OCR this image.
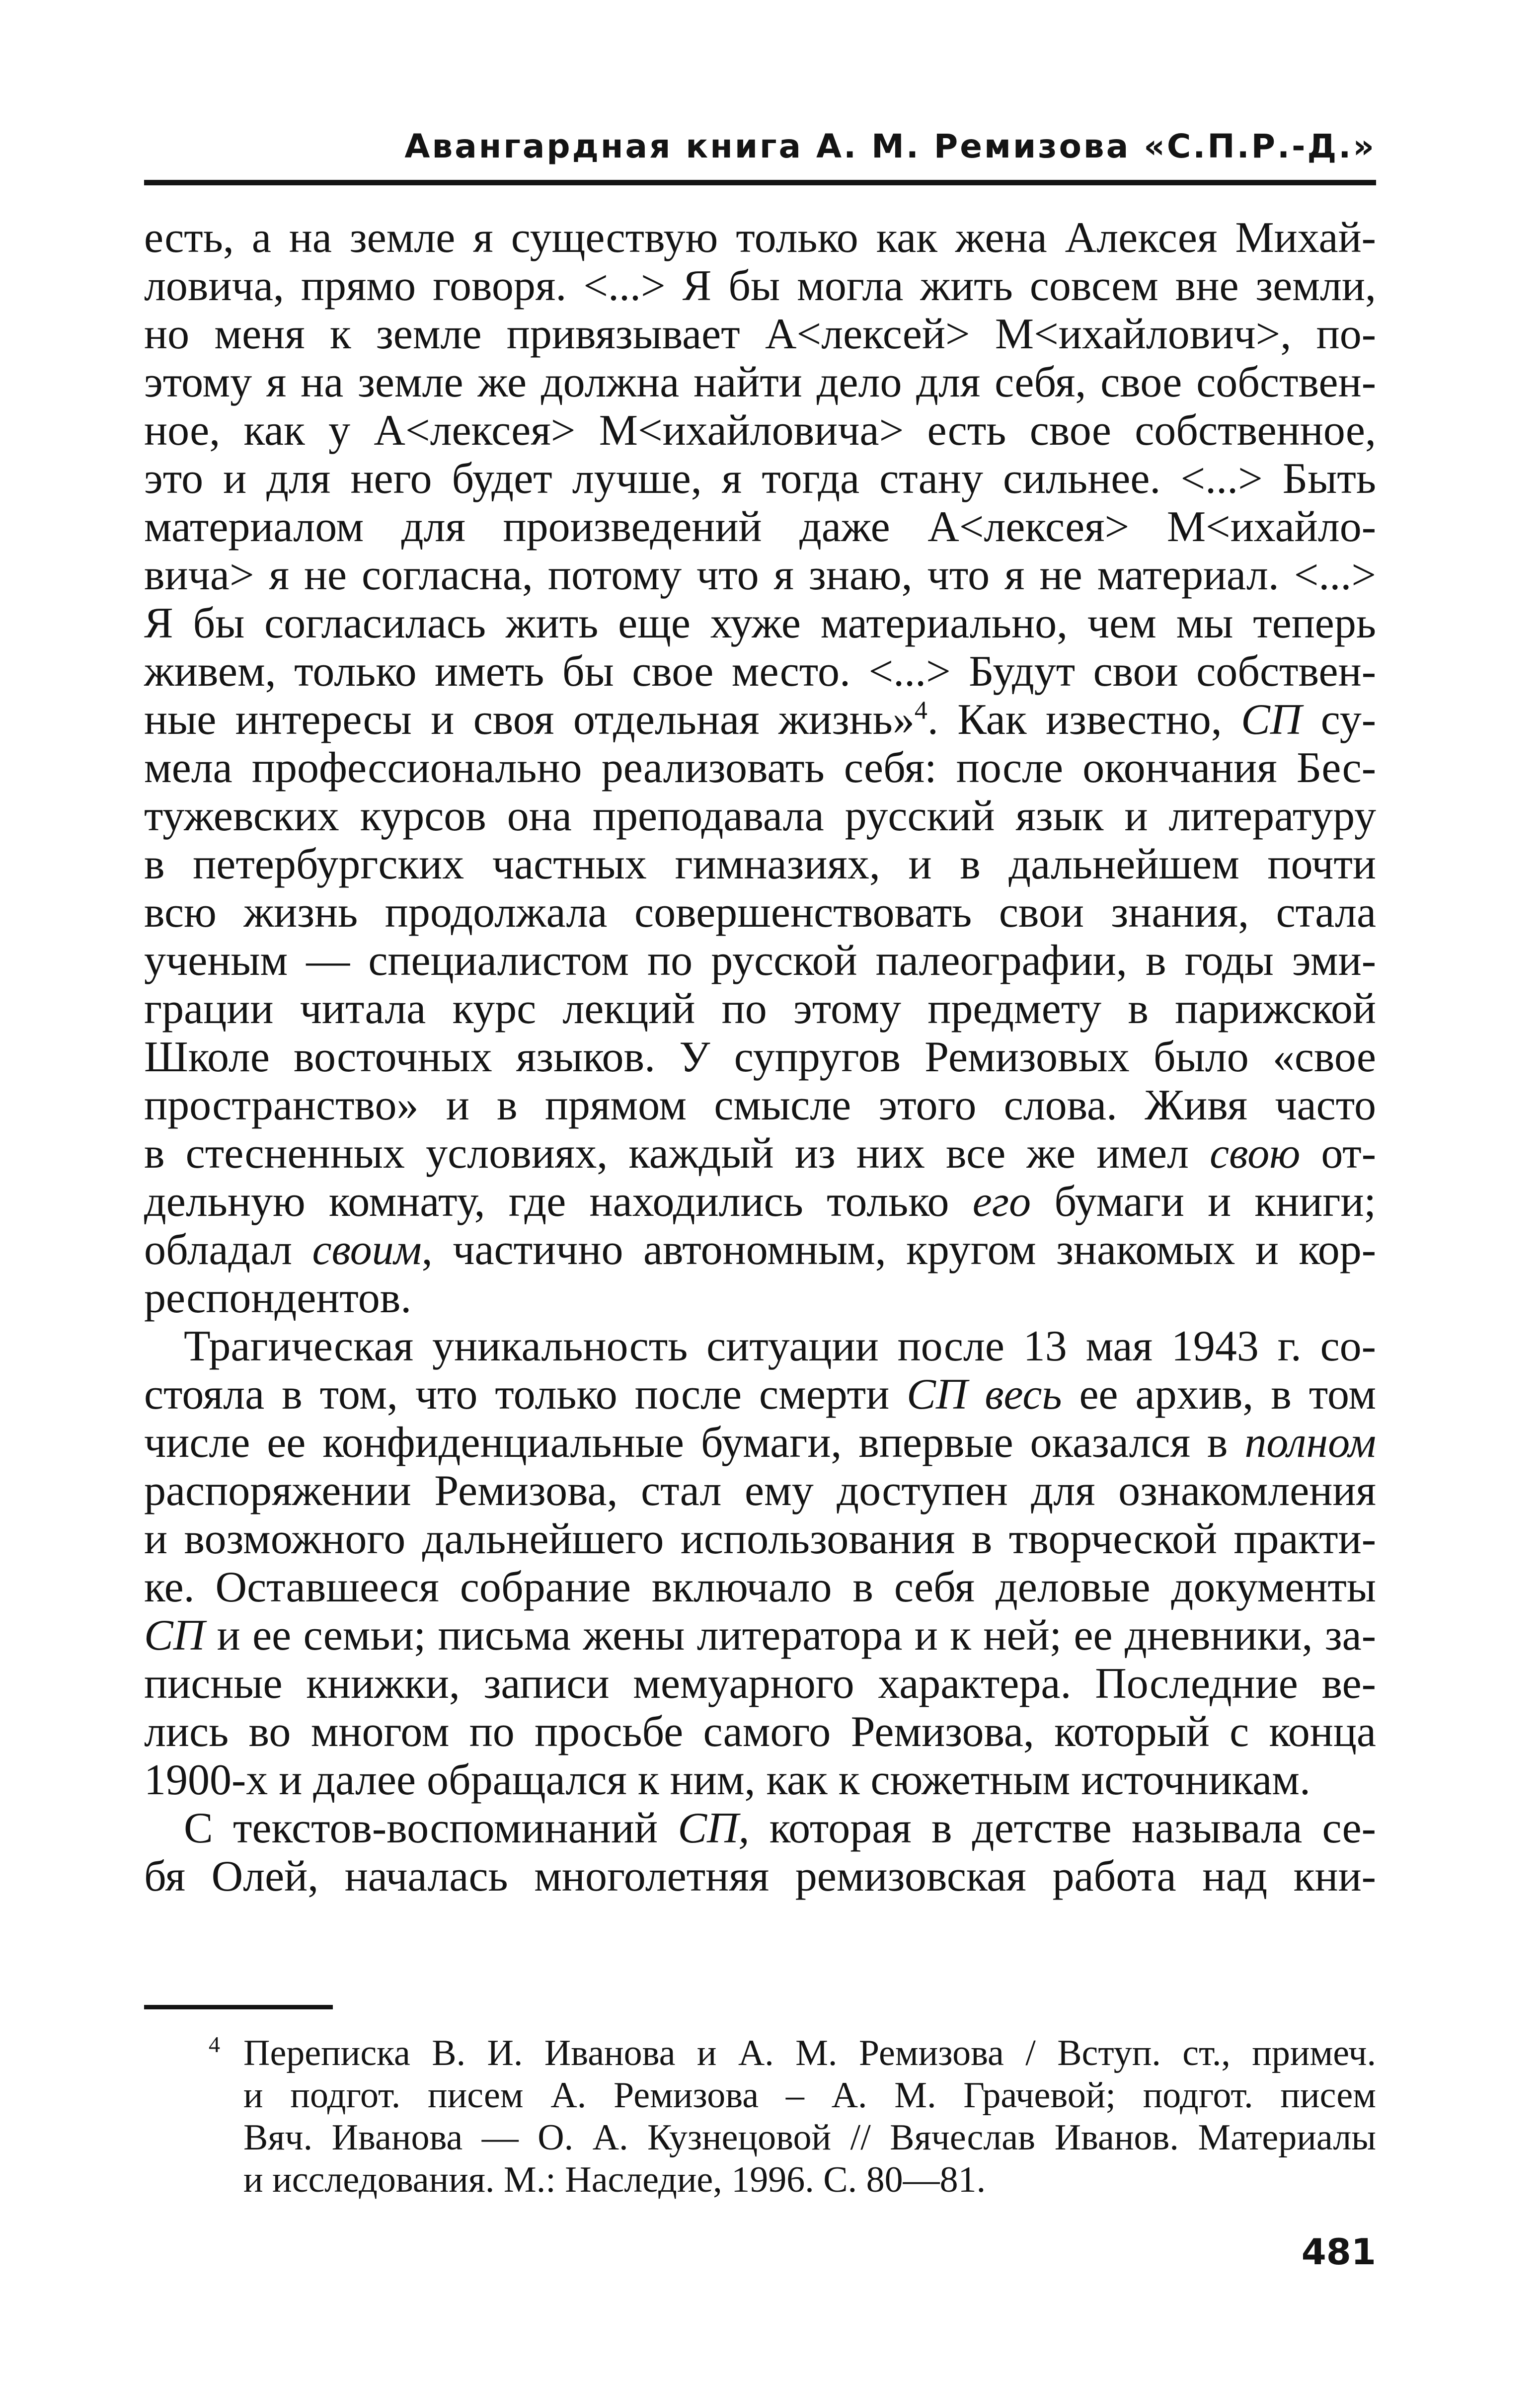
Авангардная книга А. М. Ремизова «С.П.Р.-Д.»
есть, а на земле я существую только как жена Алексея Михай-
ловича, прямо говоря. <...> Я бы могла жить совсем вне земли,
но меня к земле привязывает А<лексей> М<ихайлович>, по-
этому я на земле же должна найти дело для себя, свое собствен-
ное, как у А<лексея> М<ихайловича> есть свое собственное,
это и для него будет лучше, я тогда стану сильнее. <...> Быть
материалом для произведений даже А<лексея> М<ихайло-
вича> я не согласна, потому что я знаю, что я не материал. <...>
Я бы согласилась жить еще хуже материально, чем мы теперь
живем, только иметь бы свое место. <...> Будут свои собствен-
ные интересы и своя отдельная жизнь»$^4$. Как известно, СП су-
мела профессионально реализовать себя: после окончания Бес-
тужевских курсов она преподавала русский язык и литературу
в петербургских частных гимназиях, и в дальнейшем почти
всю жизнь продолжала совершенствовать свои знания, стала
ученым — специалистом по русской палеографии, в годы эми-
грации читала курс лекций по этому предмету в парижской
Школе восточных языков. У супругов Ремизовых было «свое
пространство» и в прямом смысле этого слова. Живя часто
в стесненных условиях, каждый из них все же имел свою от-
дельную комнату, где находились только его бумаги и книги;
обладал своим, частично автономным, кругом знакомых и кор-
респондентов.
Трагическая уникальность ситуации после 13 мая 1943 г. со-
стояла в том, что только после смерти СП весь ее архив, в том
числе ее конфиденциальные бумаги, впервые оказался в полном
распоряжении Ремизова, стал ему доступен для ознакомления
и возможного дальнейшего использования в творческой практи-
ке. Оставшееся собрание включало в себя деловые документы
СП и ее семьи; письма жены литератора и к ней; ее дневники, за-
писные книжки, записи мемуарного характера. Последние ве-
лись во многом по просьбе самого Ремизова, который с конца
1900-х и далее обращался к ним, как к сюжетным источникам.
С текстов-воспоминаний СП, которая в детстве называла се-
бя Олей, началась многолетняя ремизовская работа над кни-
4 Переписка В. И. Иванова и А. М. Ремизова / Вступ. ст., примеч.
и подгот. писем А. Ремизова – А. М. Грачевой; подгот. писем
Вяч. Иванова — О. А. Кузнецовой // Вячеслав Иванов. Материалы
и исследования. М.: Наследие, 1996. С. 80—81.
481
